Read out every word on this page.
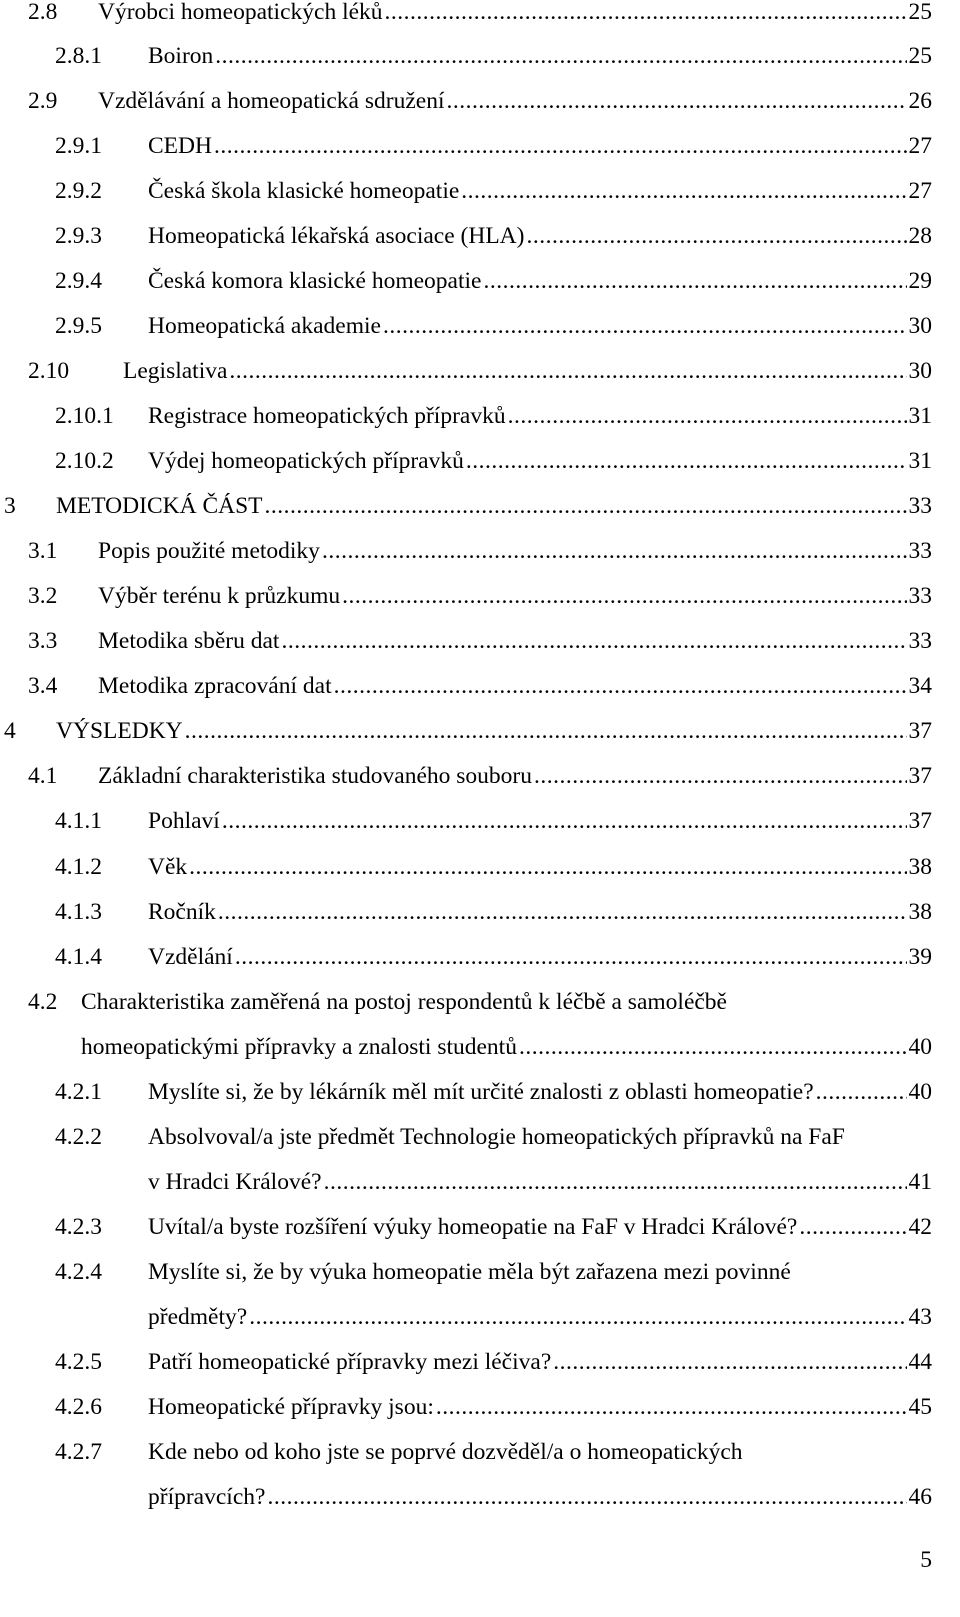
2.8 Výrobci homeopatických léků .....	25
2.8.1 Boiron .....	25
2.9 Vzdělávání a homeopatická sdružení .....	26
2.9.1 CEDH .....	27
2.9.2 Česká škola klasické homeopatie .....	27
2.9.3 Homeopatická lékařská asociace (HLA) .....	28
2.9.4 Česká komora klasické homeopatie .....	29
2.9.5 Homeopatická akademie .....	30
2.10 Legislativa .....	30
2.10.1 Registrace homeopatických přípravků .....	31
2.10.2 Výdej homeopatických přípravků .....	31
3 METODICKÁ ČÁST .....	33
3.1 Popis použité metodiky .....	33
3.2 Výběr terénu k průzkumu .....	33
3.3 Metodika sběru dat .....	33
3.4 Metodika zpracování dat .....	34
4 VÝSLEDKY .....	37
4.1 Základní charakteristika studovaného souboru .....	37
4.1.1 Pohlaví .....	37
4.1.2 Věk .....	38
4.1.3 Ročník .....	38
4.1.4 Vzdělání .....	39
4.2 Charakteristika zaměřená na postoj respondentů k léčbě a samoléčbě
homeopatickými přípravky a znalosti studentů .....	40
4.2.1 Myslíte si, že by lékárník měl mít určité znalosti z oblasti homeopatie? .....	40
4.2.2 Absolvoval/a jste předmět Technologie homeopatických přípravků na FaF
v Hradci Králové? .....	41
4.2.3 Uvítal/a byste rozšíření výuky homeopatie na FaF v Hradci Králové? .....	42
4.2.4 Myslíte si, že by výuka homeopatie měla být zařazena mezi povinné
předměty? .....	43
4.2.5 Patří homeopatické přípravky mezi léčiva? .....	44
4.2.6 Homeopatické přípravky jsou: .....	45
4.2.7 Kde nebo od koho jste se poprvé dozvěděl/a o homeopatických
přípravcích? .....	46
5
